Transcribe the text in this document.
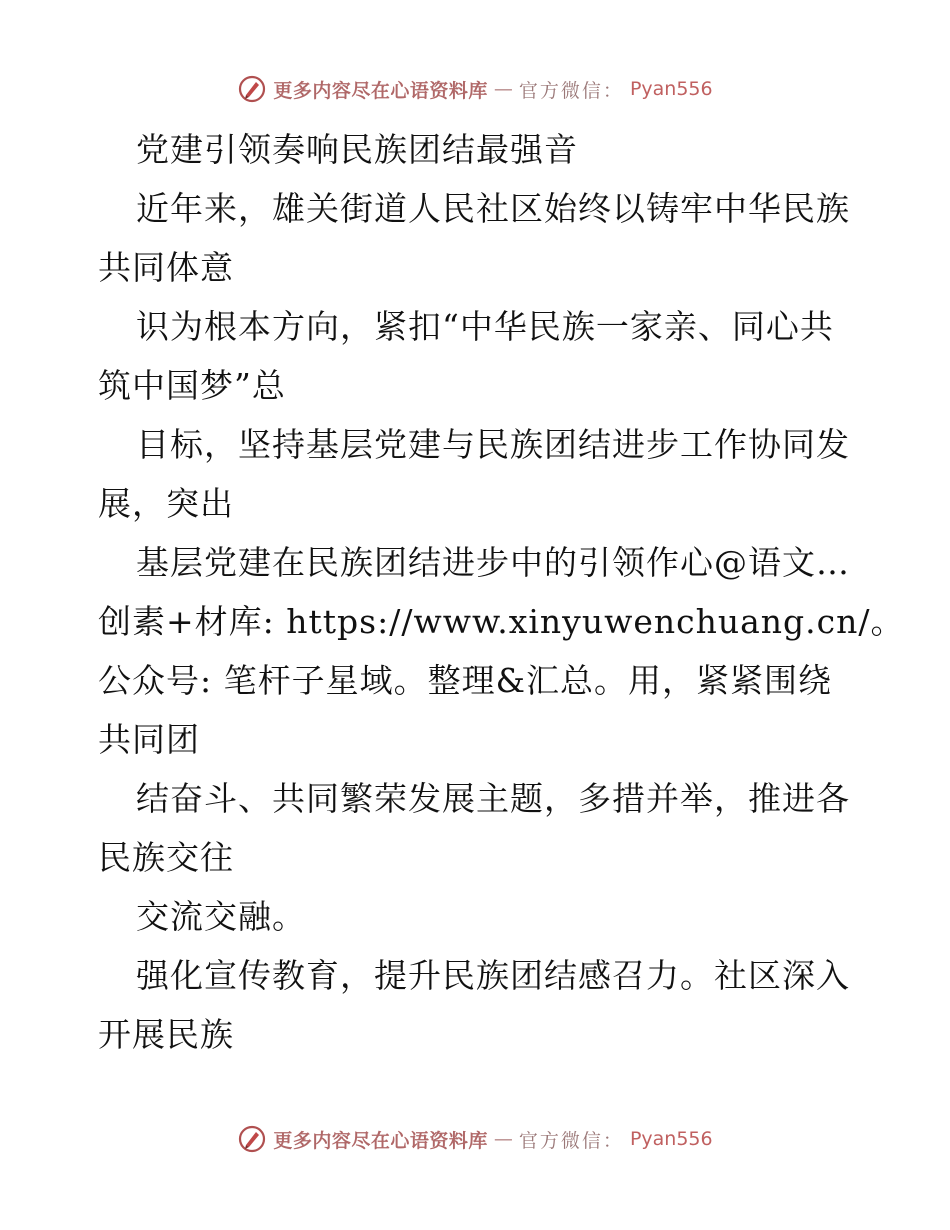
更多内容尽在心语资料库 — 官方微信： Pyan556
党建引领奏响民族团结最强音
近年来，雄关街道人民社区始终以铸牢中华民族
共同体意
识为根本方向，紧扣“中华民族一家亲、同心共
筑中国梦”总
目标，坚持基层党建与民族团结进步工作协同发
展，突出
基层党建在民族团结进步中的引领作心@语文…
创素+材库: https://www.xinyuwenchuang.cn/。
公众号: 笔杆子星域。整理&汇总。用，紧紧围绕
共同团
结奋斗、共同繁荣发展主题，多措并举，推进各
民族交往
交流交融。
强化宣传教育，提升民族团结感召力。社区深入
开展民族
更多内容尽在心语资料库 — 官方微信： Pyan556
